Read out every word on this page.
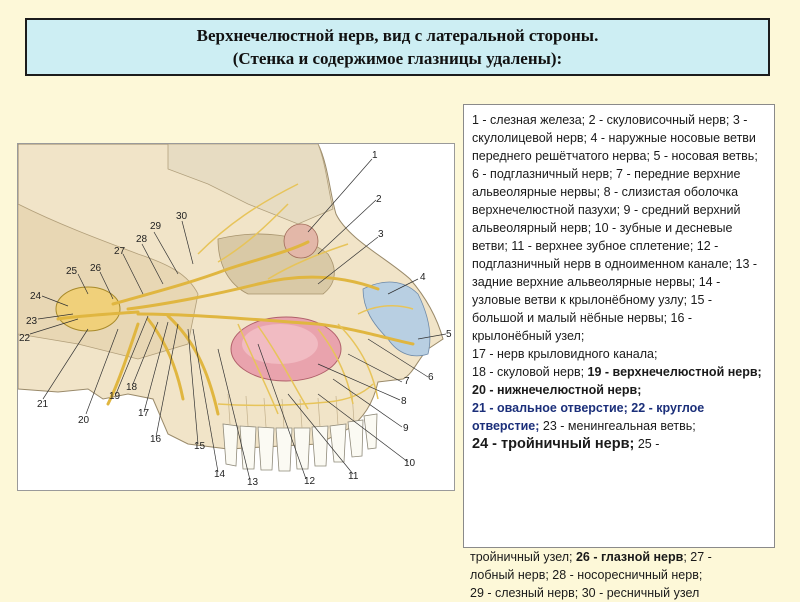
Верхнечелюстной нерв, вид с латеральной стороны.
(Стенка и содержимое глазницы удалены):
1
2
3
4
5
6
7
8
9
10
11
12
13
14
15
16
17
18
19
20
21
22
23
24
25 26
27
28
29
30

1 - слезная железа; 2 - скуловисочный нерв; 3 - скулолицевой нерв; 4 - наружные носовые ветви переднего решётчатого нерва; 5 - носовая ветвь; 6 - подглазничный нерв; 7 - передние верхние альвеолярные нервы; 8 - слизистая оболочка верхнечелюстной пазухи; 9 - средний верхний альвеолярный нерв; 10 - зубные и десневые ветви; 11 - верхнее зубное сплетение; 12 - подглазничный нерв в одноименном канале; 13 - задние верхние альвеолярные нервы; 14 - узловые ветви к крылонёбному узлу; 15 - большой и малый нёбные нервы; 16 - крылонёбный узел;

17 - нерв крыловидного канала;

18 - скуловой нерв; 19 - верхнечелюстной нерв; 20 - нижнечелюстной нерв;

21 - овальное отверстие; 22 - круглое отверстие; 23 - менингеальная ветвь;

24 - тройничный нерв; 25 -

тройничный узел; 26 - глазной нерв; 27 -

лобный нерв; 28 - носоресничный нерв;

29 - слезный нерв; 30 - ресничный узел
